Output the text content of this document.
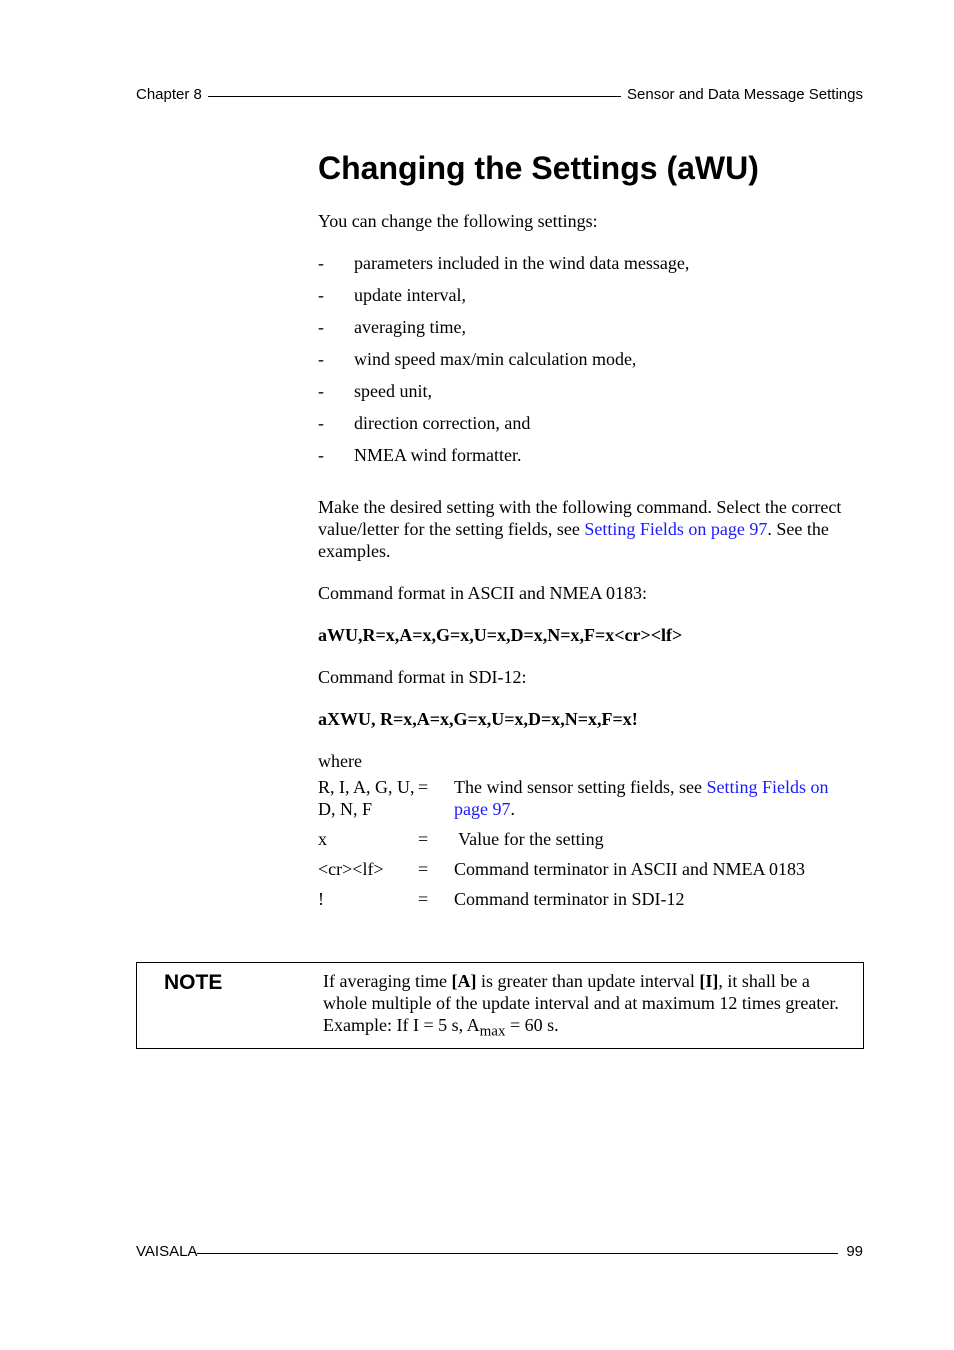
Chapter 8	Sensor and Data Message Settings
Changing the Settings (aWU)

You can change the following settings:

-	parameters included in the wind data message,
-	update interval,
-	averaging time,
-	wind speed max/min calculation mode,
-	speed unit,
-	direction correction, and
-	NMEA wind formatter.

Make the desired setting with the following command. Select the correct value/letter for the setting fields, see Setting Fields on page 97. See the examples.

Command format in ASCII and NMEA 0183:

aWU,R=x,A=x,G=x,U=x,D=x,N=x,F=x<cr><lf>

Command format in SDI-12:

aXWU, R=x,A=x,G=x,U=x,D=x,N=x,F=x!

where

R, I, A, G, U, D, N, F	=	The wind sensor setting fields, see Setting Fields on page 97.
x	=	Value for the setting
<cr><lf>	=	Command terminator in ASCII and NMEA 0183
!	=	Command terminator in SDI-12
NOTE	If averaging time [A] is greater than update interval [I], it shall be a whole multiple of the update interval and at maximum 12 times greater. Example: If I = 5 s, $A_{max} = 60$ s.
VAISALA	99
